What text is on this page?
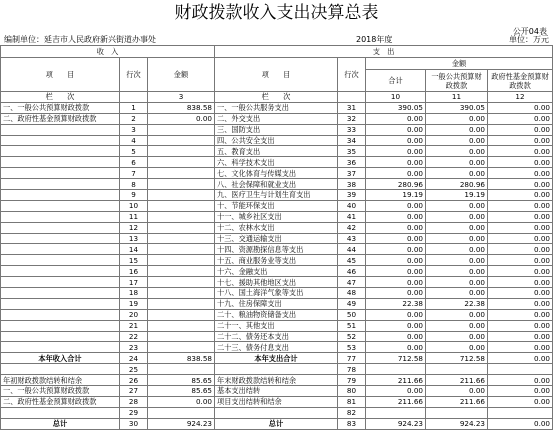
财政拨款收入支出决算总表
公开04表
编制单位：延吉市人民政府新兴街道办事处	2018年度	单位：万元
收　入			支　出				
项　　目	行次	金额	项　　目	行次	金额		
					合计	一般公共预算财政拨款	政府性基金预算财政拨款
栏　　次		3	栏　　次		10	11	12
一、一般公共预算财政拨款	1	838.58	一、一般公共服务支出	31	390.05	390.05	0.00
二、政府性基金预算财政拨款	2	0.00	二、外交支出	32	0.00	0.00	0.00
	3		三、国防支出	33	0.00	0.00	0.00
	4		四、公共安全支出	34	0.00	0.00	0.00
	5		五、教育支出	35	0.00	0.00	0.00
	6		六、科学技术支出	36	0.00	0.00	0.00
	7		七、文化体育与传媒支出	37	0.00	0.00	0.00
	8		八、社会保障和就业支出	38	280.96	280.96	0.00
	9		九、医疗卫生与计划生育支出	39	19.19	19.19	0.00
	10		十、节能环保支出	40	0.00	0.00	0.00
	11		十一、城乡社区支出	41	0.00	0.00	0.00
	12		十二、农林水支出	42	0.00	0.00	0.00
	13		十三、交通运输支出	43	0.00	0.00	0.00
	14		十四、资源勘探信息等支出	44	0.00	0.00	0.00
	15		十五、商业服务业等支出	45	0.00	0.00	0.00
	16		十六、金融支出	46	0.00	0.00	0.00
	17		十七、援助其他地区支出	47	0.00	0.00	0.00
	18		十八、国土海洋气象等支出	48	0.00	0.00	0.00
	19		十九、住房保障支出	49	22.38	22.38	0.00
	20		二十、粮油物资储备支出	50	0.00	0.00	0.00
	21		二十一、其他支出	51	0.00	0.00	0.00
	22		二十二、债务还本支出	52	0.00	0.00	0.00
	23		二十三、债务付息支出	53	0.00	0.00	0.00
本年收入合计	24	838.58	本年支出合计	77	712.58	712.58	0.00
	25			78			
年初财政拨款结转和结余	26	85.65	年末财政拨款结转和结余	79	211.66	211.66	0.00
一、一般公共预算财政拨款	27	85.65	基本支出结转	80	0.00	0.00	0.00
二、政府性基金预算财政拨款	28	0.00	项目支出结转和结余	81	211.66	211.66	0.00
	29			82			
总计	30	924.23	总计	83	924.23	924.23	0.00
